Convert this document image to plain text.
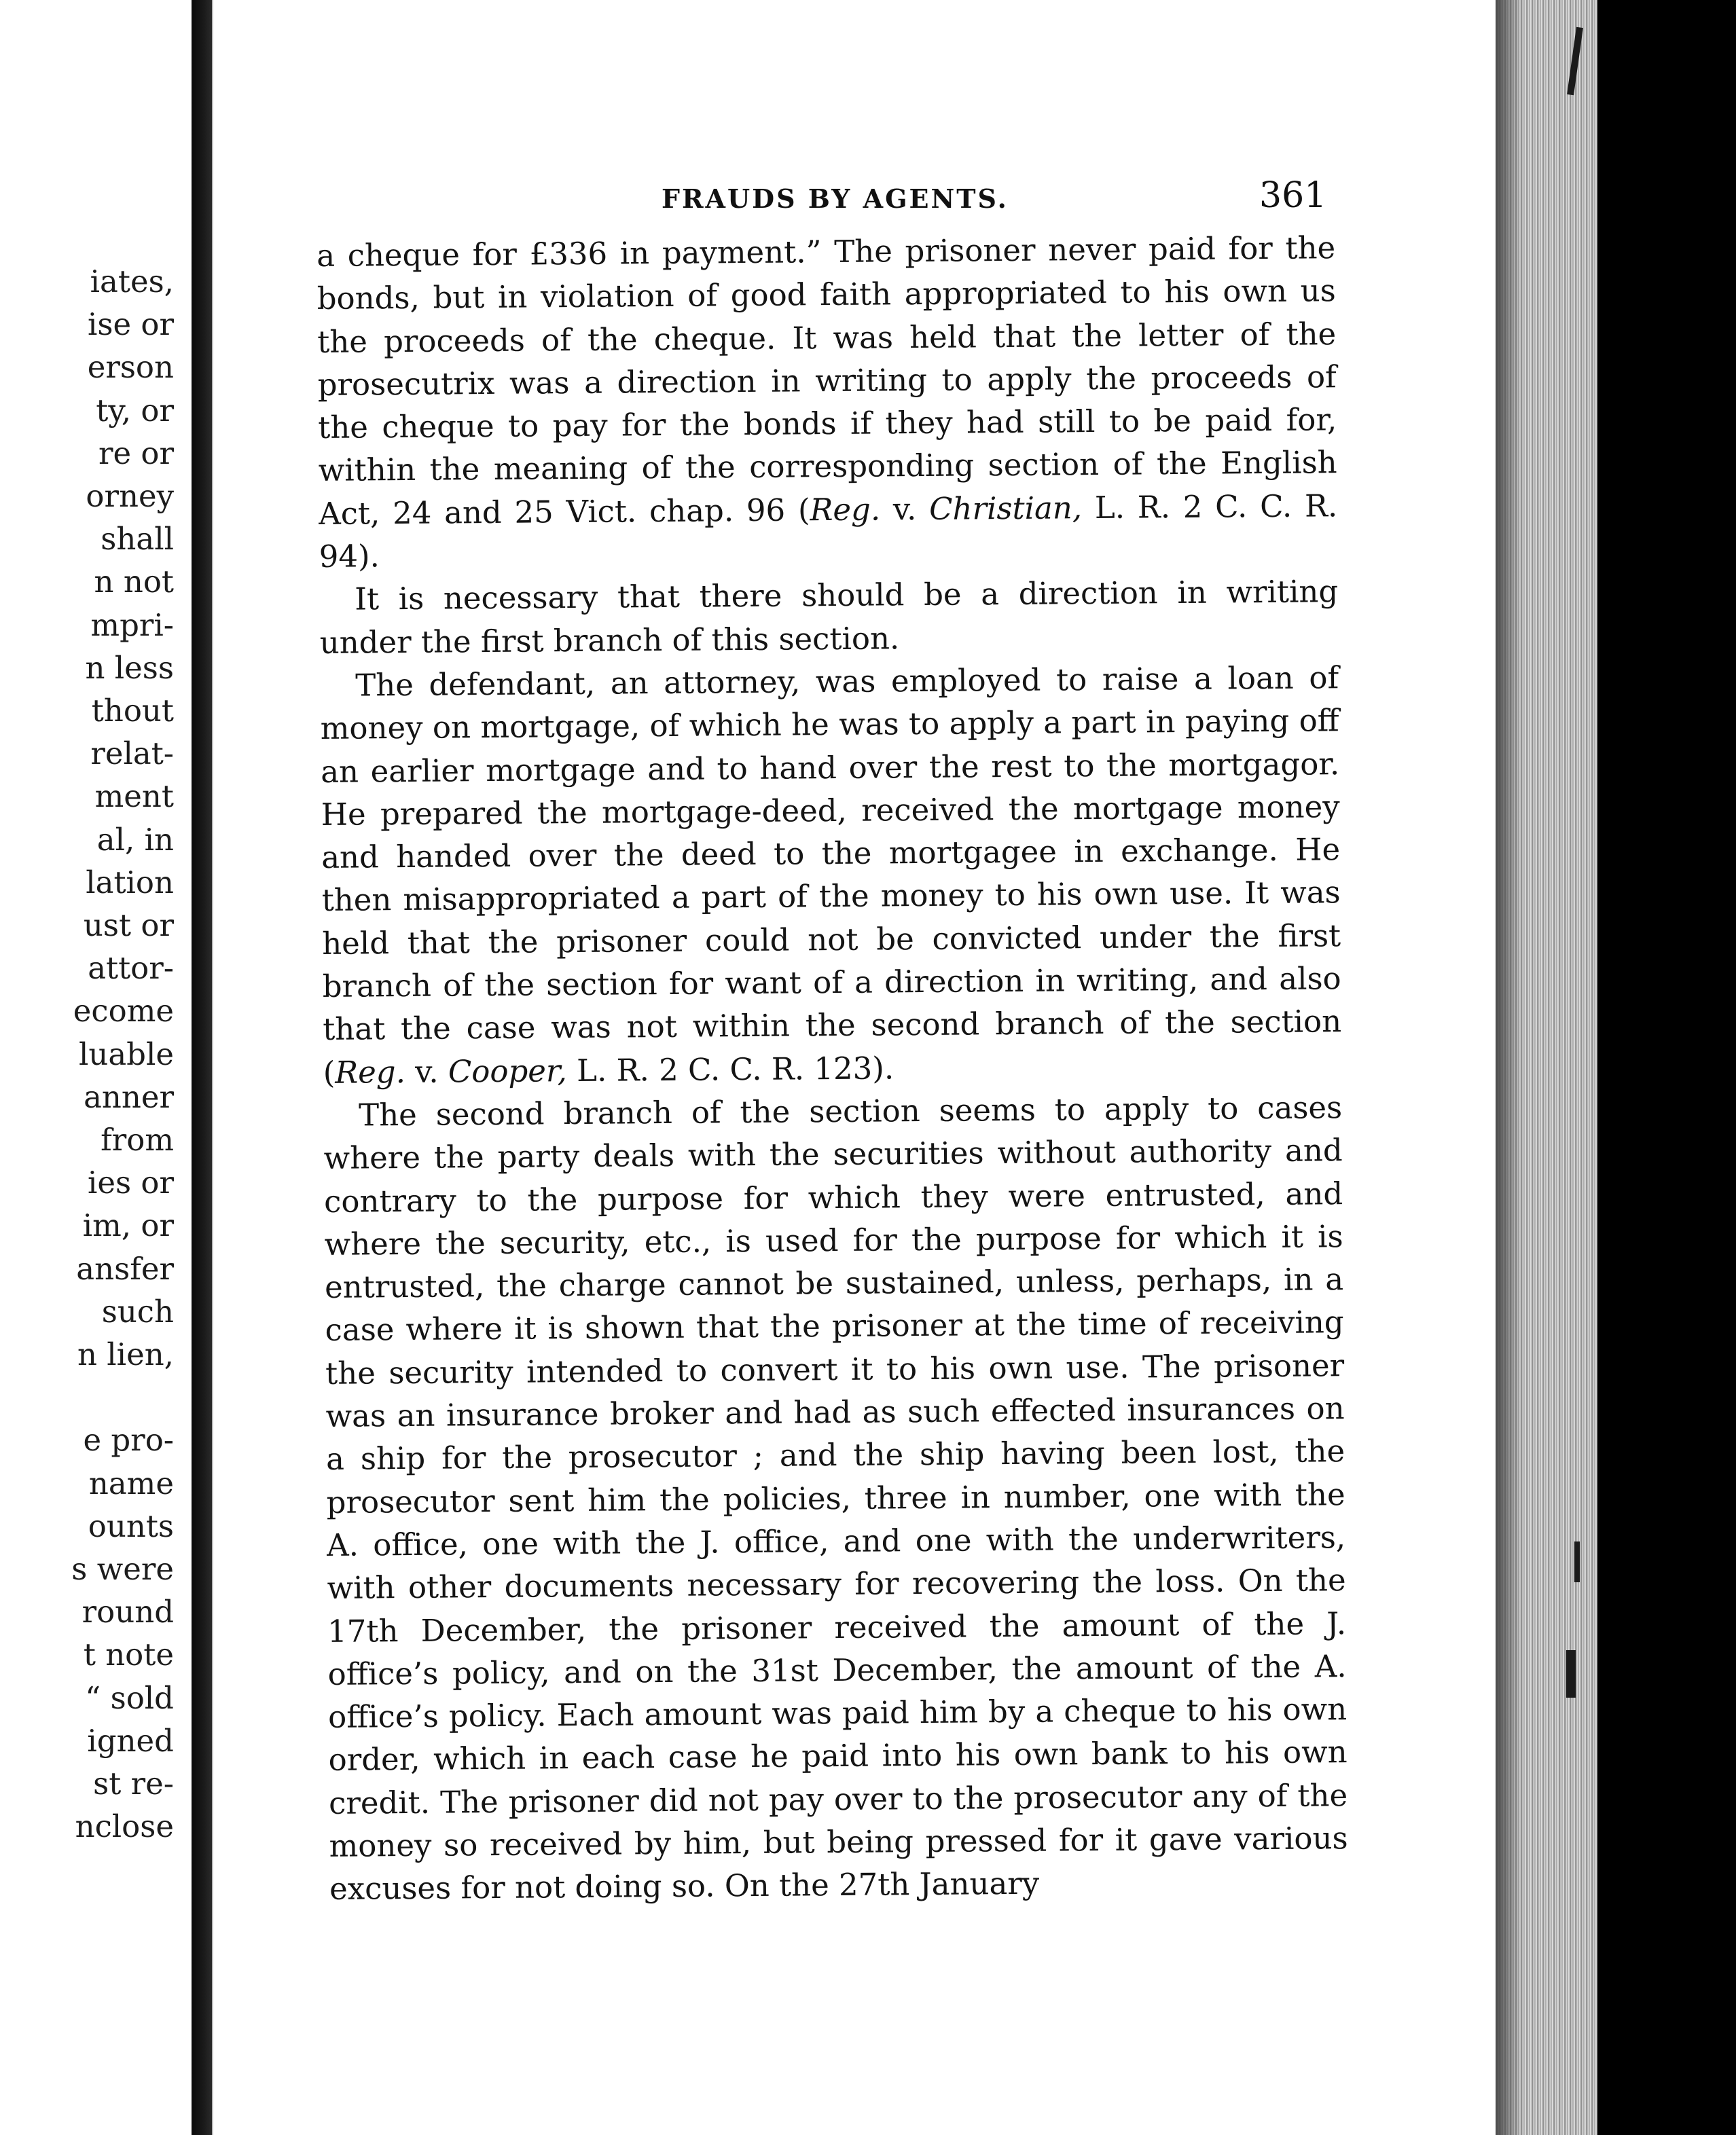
iates,
ise or
erson
ty, or
re or
orney
shall
n not
mpri-
n less
thout
relat-
ment
al, in
lation
ust or
attor-
ecome
luable
anner
from
ies or
im, or
ansfer
such
n lien,
e pro-
name
ounts
s were
round
t note
“ sold
igned
st re-
nclose
FRAUDS BY AGENTS.	361

a cheque for £336 in payment.” The prisoner never paid for the bonds, but in violation of good faith appropriated to his own us the proceeds of the cheque. It was held that the letter of the prosecutrix was a direction in writing to apply the proceeds of the cheque to pay for the bonds if they had still to be paid for, within the meaning of the corresponding section of the English Act, 24 and 25 Vict. chap. 96 (Reg. v. Christian, L. R. 2 C. C. R. 94).

It is necessary that there should be a direction in writing under the first branch of this section.

The defendant, an attorney, was employed to raise a loan of money on mortgage, of which he was to apply a part in paying off an earlier mortgage and to hand over the rest to the mortgagor. He prepared the mortgage-deed, received the mortgage money and handed over the deed to the mortgagee in exchange. He then misappropriated a part of the money to his own use. It was held that the prisoner could not be convicted under the first branch of the section for want of a direction in writing, and also that the case was not within the second branch of the section (Reg. v. Cooper, L. R. 2 C. C. R. 123).

The second branch of the section seems to apply to cases where the party deals with the securities without authority and contrary to the purpose for which they were entrusted, and where the security, etc., is used for the purpose for which it is entrusted, the charge cannot be sustained, unless, perhaps, in a case where it is shown that the prisoner at the time of receiving the security intended to convert it to his own use. The prisoner was an insurance broker and had as such effected insurances on a ship for the prosecutor ; and the ship having been lost, the prosecutor sent him the policies, three in number, one with the A. office, one with the J. office, and one with the underwriters, with other documents necessary for recovering the loss. On the 17th December, the prisoner received the amount of the J. office’s policy, and on the 31st December, the amount of the A. office’s policy. Each amount was paid him by a cheque to his own order, which in each case he paid into his own bank to his own credit. The prisoner did not pay over to the prosecutor any of the money so received by him, but being pressed for it gave various excuses for not doing so. On the 27th January
